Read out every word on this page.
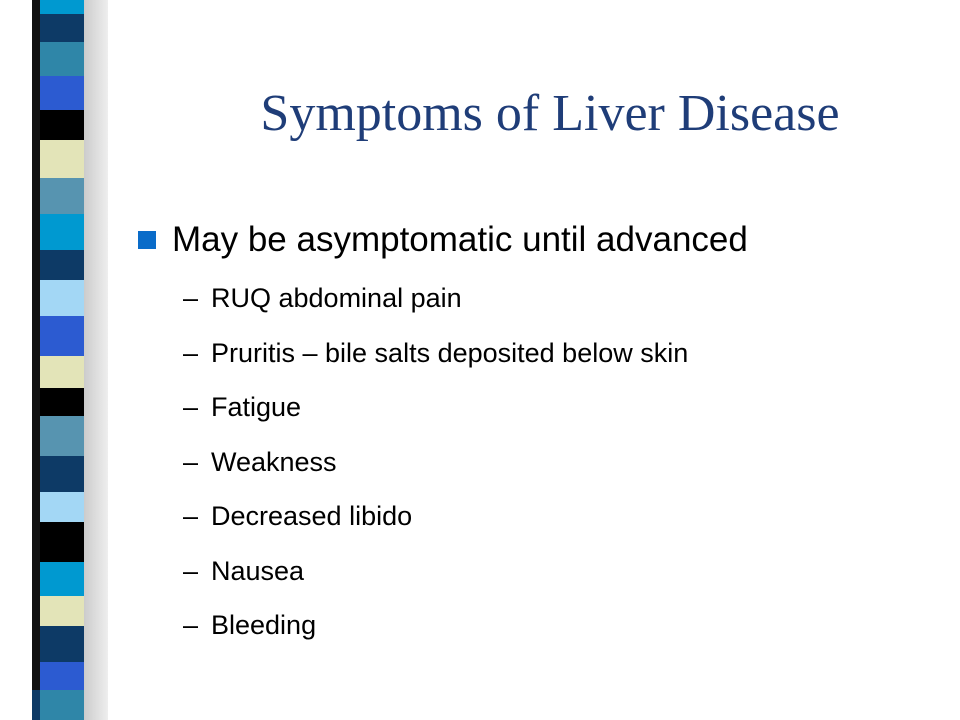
Symptoms of Liver Disease
May be asymptomatic until advanced
– RUQ abdominal pain
– Pruritis – bile salts deposited below skin
– Fatigue
– Weakness
– Decreased libido
– Nausea
– Bleeding
